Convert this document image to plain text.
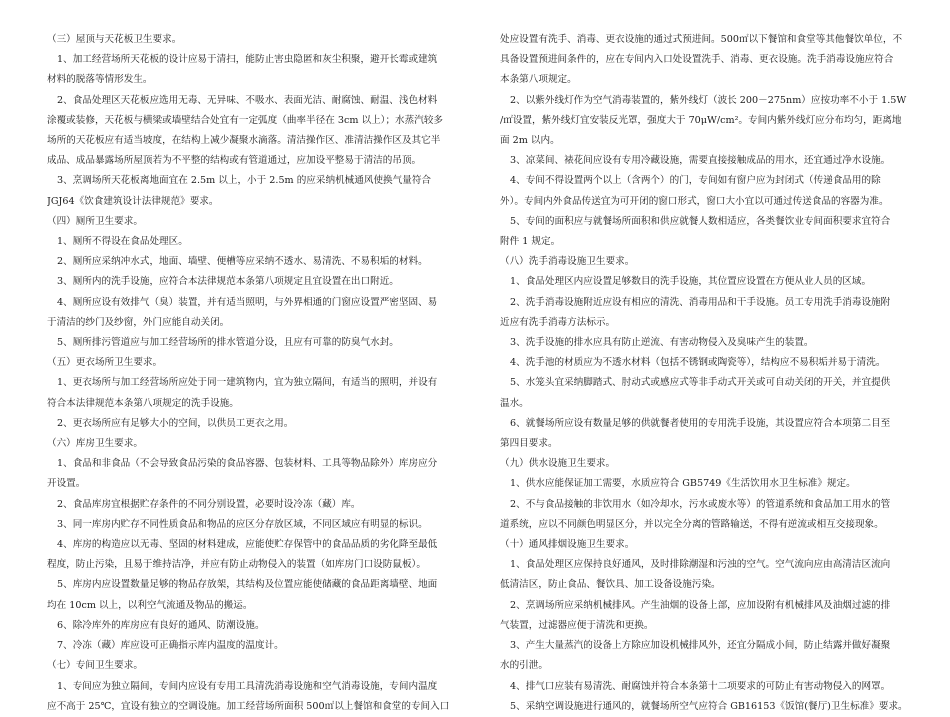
（三）屋顶与天花板卫生要求。
1、加工经营场所天花板的设计应易于清扫，能防止害虫隐匿和灰尘积聚，避开长霉或建筑
材料的脱落等情形发生。
2、食品处理区天花板应选用无毒、无异味、不吸水、表面光洁、耐腐蚀、耐温、浅色材料
涂覆或装修，天花板与横梁或墙壁结合处宜有一定弧度（曲率半径在 3cm 以上）；水蒸汽较多
场所的天花板应有适当坡度，在结构上减少凝聚水滴落。清洁操作区、准清洁操作区及其它半
成品、成品暴露场所屋顶若为不平整的结构或有管道通过，应加设平整易于清洁的吊顶。
3、烹调场所天花板离地面宜在 2.5m 以上，小于 2.5m 的应采纳机械通风使换气量符合
JGJ64《饮食建筑设计法律规范》要求。
（四）厕所卫生要求。
1、厕所不得设在食品处理区。
2、厕所应采纳冲水式，地面、墙壁、便槽等应采纳不透水、易清洗、不易积垢的材料。
3、厕所内的洗手设施，应符合本法律规范本条第八项规定且宜设置在出口附近。
4、厕所应设有效排气（臭）装置，并有适当照明，与外界相通的门窗应设置严密坚固、易
于清洁的纱门及纱窗，外门应能自动关闭。
5、厕所排污管道应与加工经营场所的排水管道分设，且应有可靠的防臭气水封。
（五）更衣场所卫生要求。
1、更衣场所与加工经营场所应处于同一建筑物内，宜为独立隔间，有适当的照明，并设有
符合本法律规范本条第八项规定的洗手设施。
2、更衣场所应有足够大小的空间，以供员工更衣之用。
（六）库房卫生要求。
1、食品和非食品（不会导致食品污染的食品容器、包装材料、工具等物品除外）库房应分
开设置。
2、食品库房宜根据贮存条件的不同分别设置，必要时设冷冻（藏）库。
3、同一库房内贮存不同性质食品和物品的应区分存放区域，不同区域应有明显的标识。
4、库房的构造应以无毒、坚固的材料建成，应能使贮存保管中的食品品质的劣化降至最低
程度，防止污染，且易于维持洁净，并应有防止动物侵入的装置（如库房门口设防鼠板）。
5、库房内应设置数量足够的物品存放架，其结构及位置应能使储藏的食品距离墙壁、地面
均在 10cm 以上，以利空气流通及物品的搬运。
6、除冷库外的库房应有良好的通风、防潮设施。
7、冷冻（藏）库应设可正确指示库内温度的温度计。
（七）专间卫生要求。
1、专间应为独立隔间，专间内应设有专用工具清洗消毒设施和空气消毒设施，专间内温度
应不高于 25℃，宜设有独立的空调设施。加工经营场所面积 500㎡以上餐馆和食堂的专间入口
处应设置有洗手、消毒、更衣设施的通过式预进间。500㎡以下餐馆和食堂等其他餐饮单位，不
具备设置预进间条件的，应在专间内入口处设置洗手、消毒、更衣设施。洗手消毒设施应符合
本条第八项规定。
2、以紫外线灯作为空气消毒装置的，紫外线灯（波长 200－275nm）应按功率不小于 1.5W
/㎡设置，紫外线灯宜安装反光罩，强度大于 70μW/cm²。专间内紫外线灯应分布均匀，距离地
面 2m 以内。
3、凉菜间、裱花间应设有专用冷藏设施，需要直接接触成品的用水，还宜通过净水设施。
4、专间不得设置两个以上（含两个）的门，专间如有窗户应为封闭式（传递食品用的除
外）。专间内外食品传送宜为可开闭的窗口形式，窗口大小宜以可通过传送食品的容器为准。
5、专间的面积应与就餐场所面积和供应就餐人数相适应，各类餐饮业专间面积要求宜符合
附件 1 规定。
（八）洗手消毒设施卫生要求。
1、食品处理区内应设置足够数目的洗手设施，其位置应设置在方便从业人员的区域。
2、洗手消毒设施附近应设有相应的清洗、消毒用品和干手设施。员工专用洗手消毒设施附
近应有洗手消毒方法标示。
3、洗手设施的排水应具有防止逆流、有害动物侵入及臭味产生的装置。
4、洗手池的材质应为不透水材料（包括不锈钢或陶瓷等），结构应不易积垢并易于清洗。
5、水笼头宜采纳脚踏式、肘动式或感应式等非手动式开关或可自动关闭的开关，并宜提供
温水。
6、就餐场所应设有数量足够的供就餐者使用的专用洗手设施，其设置应符合本项第二目至
第四目要求。
（九）供水设施卫生要求。
1、供水应能保证加工需要，水质应符合 GB5749《生活饮用水卫生标准》规定。
2、不与食品接触的非饮用水（如冷却水，污水或废水等）的管道系统和食品加工用水的管
道系统，应以不同颜色明显区分，并以完全分离的管路输送，不得有逆流或相互交接现象。
（十）通风排烟设施卫生要求。
1、食品处理区应保持良好通风，及时排除潮湿和污浊的空气。空气流向应由高清洁区流向
低清洁区，防止食品、餐饮具、加工设备设施污染。
2、烹调场所应采纳机械排风。产生油烟的设备上部，应加设附有机械排风及油烟过滤的排
气装置，过滤器应便于清洗和更换。
3、产生大量蒸汽的设备上方除应加设机械排风外，还宜分隔成小间，防止结露并做好凝聚
水的引泄。
4、排气口应装有易清洗、耐腐蚀并符合本条第十二项要求的可防止有害动物侵入的网罩。
5、采纳空调设施进行通风的，就餐场所空气应符合 GB16153《饭馆(餐厅)卫生标准》要求。
